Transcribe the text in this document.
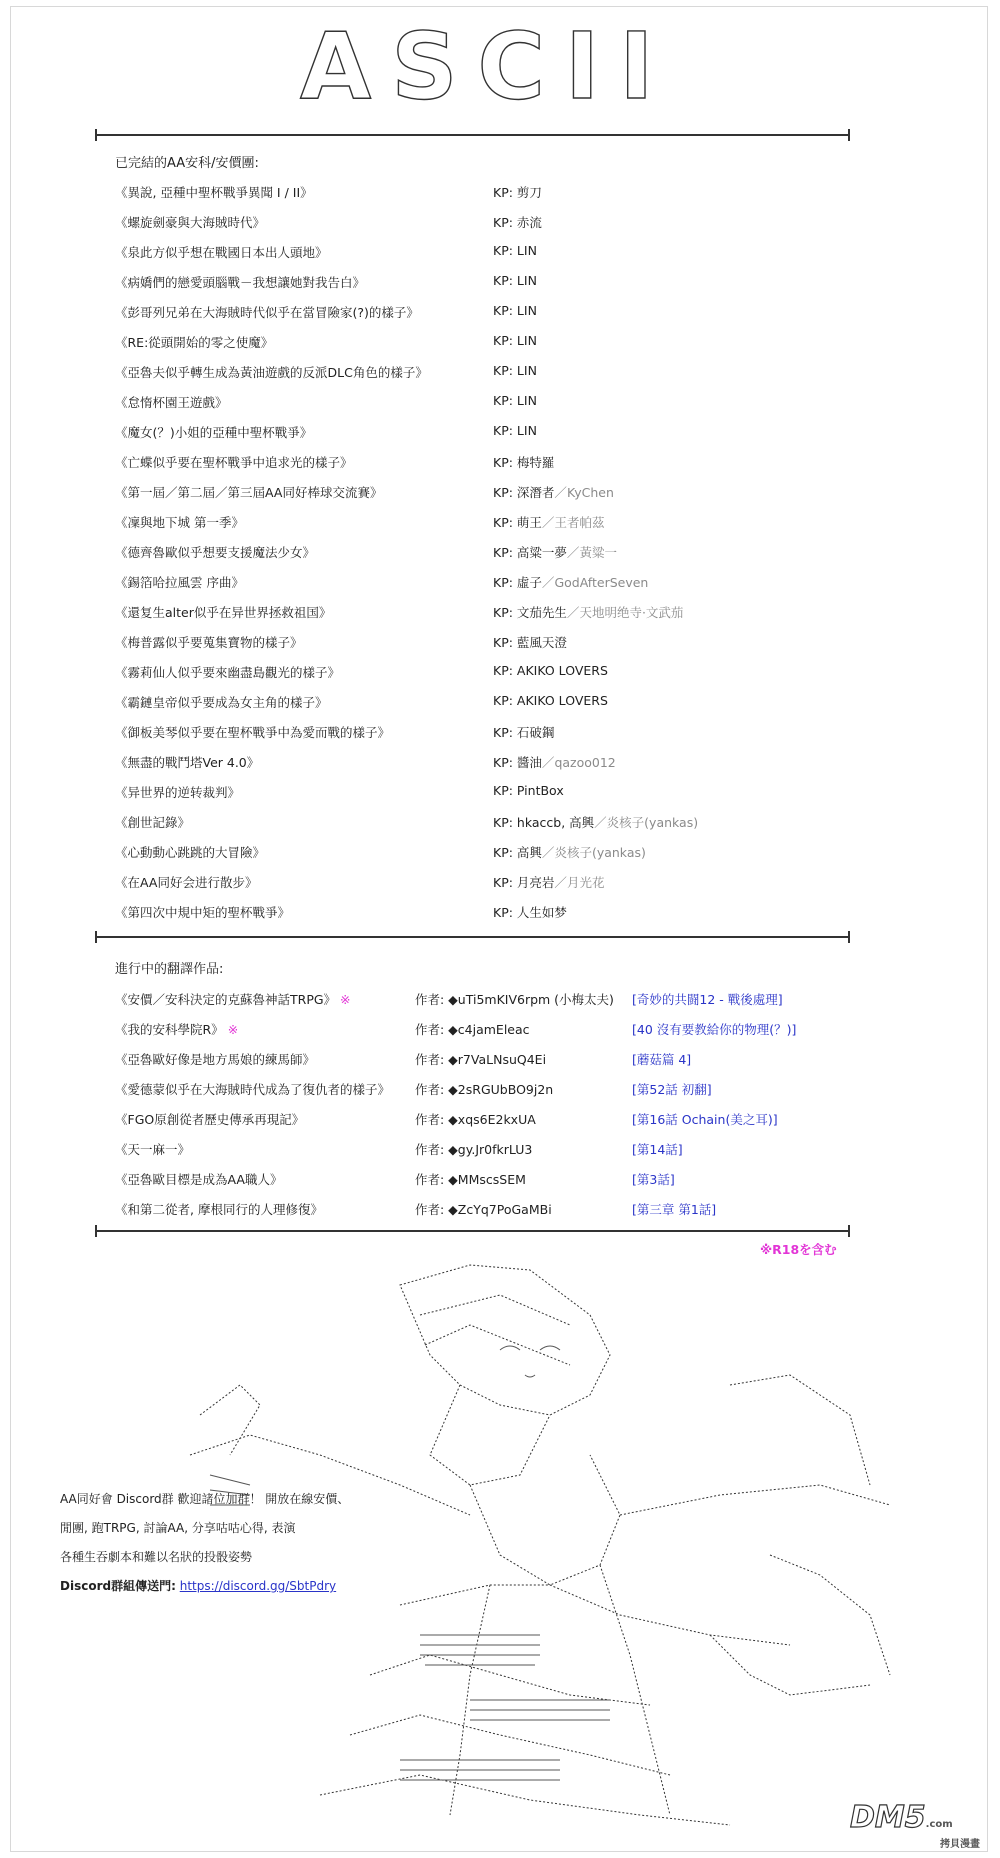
ASCII
已完結的AA安科/安價團:
《異說, 亞種中聖杯戰爭異聞 I / II》	KP: 剪刀
《螺旋劍豪與大海賊時代》	KP: 赤流
《泉此方似乎想在戰國日本出人頭地》	KP: LIN
《病嬌們的戀愛頭腦戰－我想讓她對我告白》	KP: LIN
《彭哥列兄弟在大海賊時代似乎在當冒險家(?)的樣子》	KP: LIN
《RE:從頭開始的零之使魔》	KP: LIN
《亞魯夫似乎轉生成為黃油遊戲的反派DLC角色的樣子》	KP: LIN
《怠惰杯園王遊戲》	KP: LIN
《魔女(？)小姐的亞種中聖杯戰爭》	KP: LIN
《亡蝶似乎要在聖杯戰爭中追求光的樣子》	KP: 梅特羅
《第一屆／第二屆／第三屆AA同好棒球交流賽》	KP: 深潛者／KyChen
《凜與地下城 第一季》	KP: 萌王／王者帕茲
《德齊魯歐似乎想要支援魔法少女》	KP: 高粱一夢／黃粱一
《錫箔哈拉風雲 序曲》	KP: 虛子／GodAfterSeven
《還复生alter似乎在异世界拯救祖国》	KP: 文茄先生／天地明绝寺·文武茄
《梅普露似乎要蒐集寶物的樣子》	KP: 藍風天澄
《霧莉仙人似乎要來幽盡島觀光的樣子》	KP: AKIKO LOVERS
《霸鏈皇帝似乎要成為女主角的樣子》	KP: AKIKO LOVERS
《御板美琴似乎要在聖杯戰爭中為愛而戰的樣子》	KP: 石破鋼
《無盡的戰鬥塔Ver 4.0》	KP: 醬油／qazoo012
《异世界的逆转裁判》	KP: PintBox
《創世記錄》	KP: hkaccb, 高興／炎核子(yankas)
《心動動心跳跳的大冒險》	KP: 高興／炎核子(yankas)
《在AA同好会进行散步》	KP: 月亮岩／月光花
《第四次中規中矩的聖杯戰爭》	KP: 人生如梦
進行中的翻譯作品:
《安價／安科決定的克蘇魯神話TRPG》 ※	作者: ◆uTi5mKIV6rpm (小梅太夫) [奇妙的共闘12 - 戰後處理]
《我的安科學院R》 ※	作者: ◆c4jamEleac	[40 沒有要教給你的物理(？)]
《亞魯歐好像是地方馬娘的練馬師》	作者: ◆r7VaLNsuQ4Ei	[蘑菇篇 4]
《愛德蒙似乎在大海賊時代成為了復仇者的樣子》 作者: ◆2sRGUbBO9j2n	[第52話 初翻]
《FGO原創從者歷史傳承再現記》	作者: ◆xqs6E2kxUA	[第16話 Ochain(美之耳)]
《天一麻一》	作者: ◆gy.Jr0fkrLU3	[第14話]
《亞魯歐目標是成為AA職人》	作者: ◆MMscsSEM	[第3話]
《和第二從者, 摩根同行的人理修復》	作者: ◆ZcYq7PoGaMBi	[第三章 第1話]
※R18を含む
AA同好會 Discord群 歡迎諸位加群！ 開放在線安價、
閒團, 跑TRPG, 討論AA, 分享咕咕心得, 表演
各種生吞劇本和難以名狀的投骰姿勢
Discord群組傳送門: https://discord.gg/SbtPdry
DM5.com
拷貝漫畫
